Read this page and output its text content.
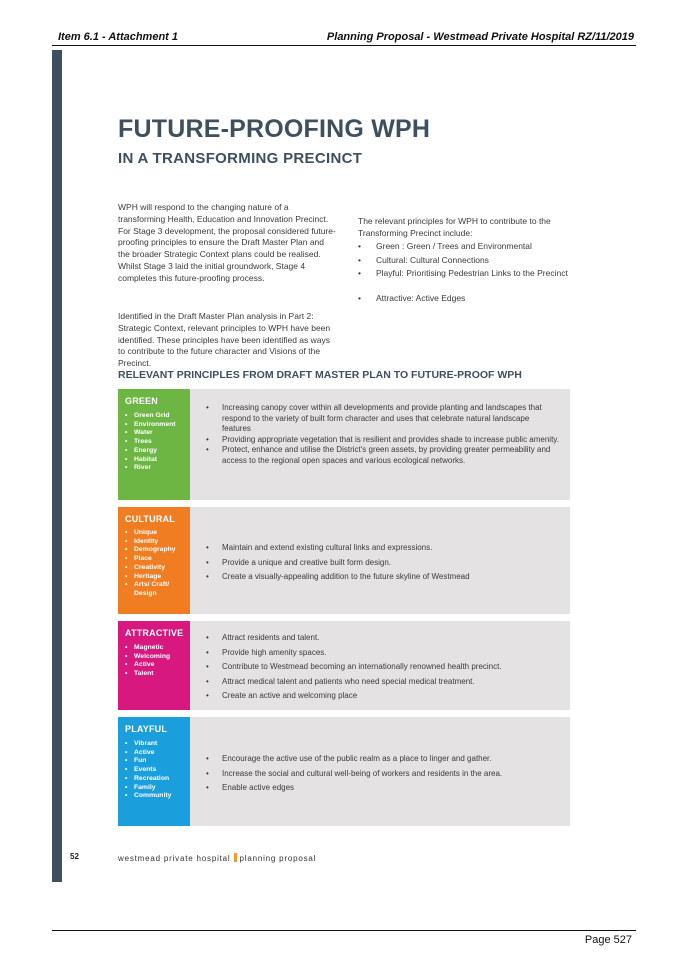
Item 6.1 - Attachment 1	Planning Proposal - Westmead Private Hospital RZ/11/2019
FUTURE-PROOFING WPH
IN A TRANSFORMING PRECINCT
WPH will respond to the changing nature of a transforming Health, Education and Innovation Precinct. For Stage 3 development, the proposal considered future-proofing principles to ensure the Draft Master Plan and the broader Strategic Context plans could be realised. Whilst Stage 3 laid the initial groundwork, Stage 4 completes this future-proofing process.
Identified in the Draft Master Plan analysis in Part 2: Strategic Context, relevant principles to WPH have been identified. These principles have been identified as ways to contribute to the future character and Visions of the Precinct.
The relevant principles for WPH to contribute to the Transforming Precinct include:
•	Green : Green / Trees and Environmental
•	Cultural: Cultural Connections
•	Playful: Prioritising Pedestrian Links to the Precinct
•	Attractive: Active Edges
RELEVANT PRINCIPLES FROM DRAFT MASTER PLAN TO FUTURE-PROOF WPH
GREEN
• Green Grid
• Environment
• Water
• Trees
• Energy
• Habitat
• River
• Increasing canopy cover within all developments and provide planting and landscapes that respond to the variety of built form character and uses that celebrate natural landscape features
• Providing appropriate vegetation that is resilient and provides shade to increase public amenity.
• Protect, enhance and utilise the District's green assets, by providing greater permeability and access to the regional open spaces and various ecological networks.
CULTURAL
• Unique
• Identity
• Demography
• Place
• Creativity
• Heritage
• Arts/ Craft/ Design
• Maintain and extend existing cultural links and expressions.
• Provide a unique and creative built form design.
• Create a visually-appealing addition to the future skyline of Westmead
ATTRACTIVE
• Magnetic
• Welcoming
• Active
• Talent
• Attract residents and talent.
• Provide high amenity spaces.
• Contribute to Westmead becoming an internationally renowned health precinct.
• Attract medical talent and patients who need special medical treatment.
• Create an active and welcoming place
PLAYFUL
• Vibrant
• Active
• Fun
• Events
• Recreation
• Family
• Community
• Encourage the active use of the public realm as a place to linger and gather.
• Increase the social and cultural well-being of workers and residents in the area.
• Enable active edges
52	westmead private hospital planning proposal
Page 527
